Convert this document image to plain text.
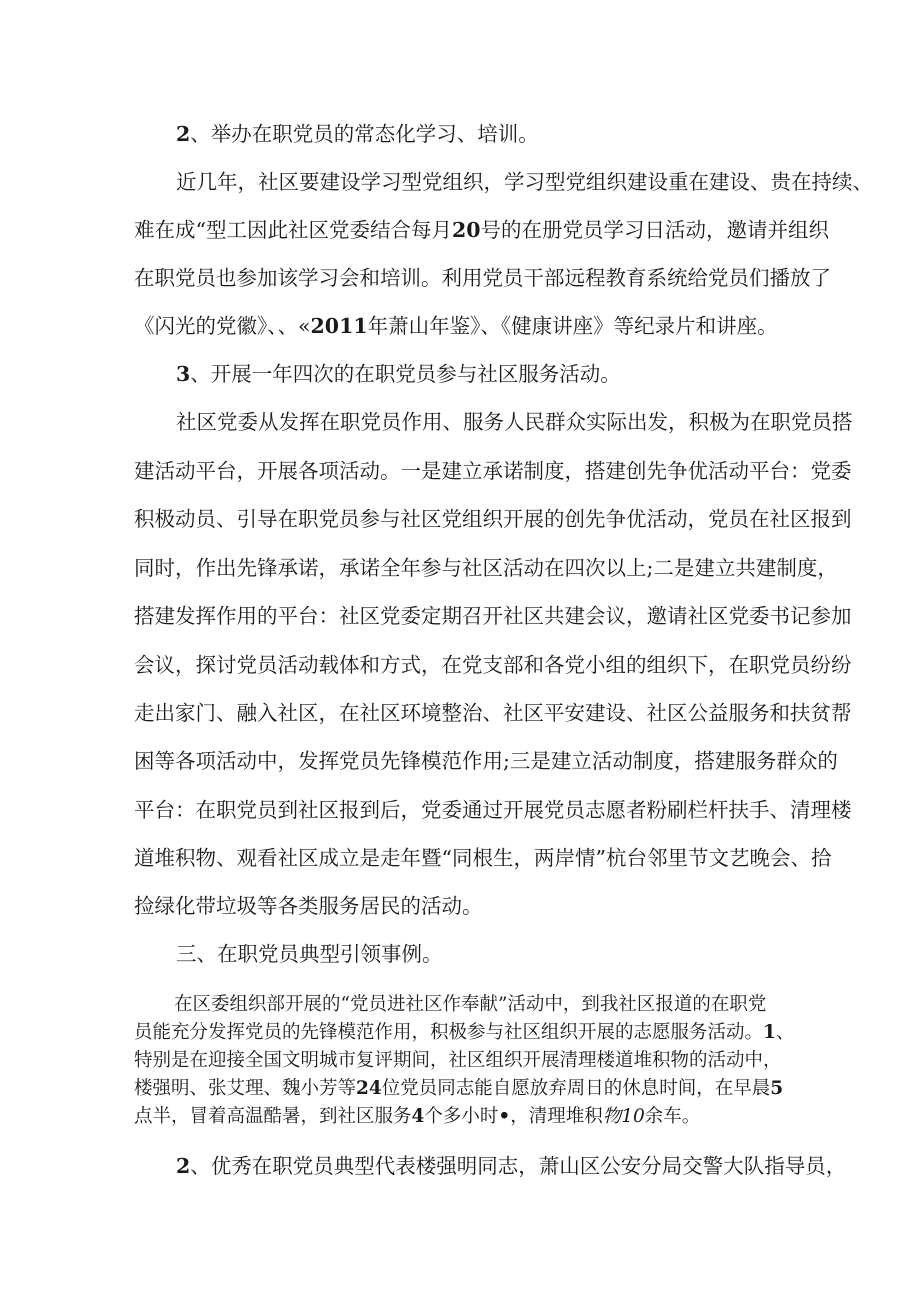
2、举办在职党员的常态化学习、培训。

近几年，社区要建设学习型党组织，学习型党组织建设重在建设、贵在持续、

难在成“型工因此社区党委结合每月20号的在册党员学习日活动，邀请并组织

在职党员也参加该学习会和培训。利用党员干部远程教育系统给党员们播放了

《闪光的党徽》、、«2011年萧山年鉴》、《健康讲座》等纪录片和讲座。

3、开展一年四次的在职党员参与社区服务活动。

社区党委从发挥在职党员作用、服务人民群众实际出发，积极为在职党员搭

建活动平台，开展各项活动。一是建立承诺制度，搭建创先争优活动平台：党委

积极动员、引导在职党员参与社区党组织开展的创先争优活动，党员在社区报到

同时，作出先锋承诺，承诺全年参与社区活动在四次以上;二是建立共建制度，

搭建发挥作用的平台：社区党委定期召开社区共建会议，邀请社区党委书记参加

会议，探讨党员活动载体和方式，在党支部和各党小组的组织下，在职党员纷纷

走出家门、融入社区，在社区环境整治、社区平安建设、社区公益服务和扶贫帮

困等各项活动中，发挥党员先锋模范作用;三是建立活动制度，搭建服务群众的

平台：在职党员到社区报到后，党委通过开展党员志愿者粉刷栏杆扶手、清理楼

道堆积物、观看社区成立是走年暨“同根生，两岸情”杭台邻里节文艺晚会、拾

捡绿化带垃圾等各类服务居民的活动。

三、在职党员典型引领事例。

在区委组织部开展的“党员进社区作奉献”活动中，到我社区报道的在职党

员能充分发挥党员的先锋模范作用，积极参与社区组织开展的志愿服务活动。1、

特别是在迎接全国文明城市复评期间，社区组织开展清理楼道堆积物的活动中，

楼强明、张艾理、魏小芳等24位党员同志能自愿放弃周日的休息时间，在早晨5

点半，冒着高温酷暑，到社区服务4个多小时•，清理堆积物10余车。

2、优秀在职党员典型代表楼强明同志，萧山区公安分局交警大队指导员，
